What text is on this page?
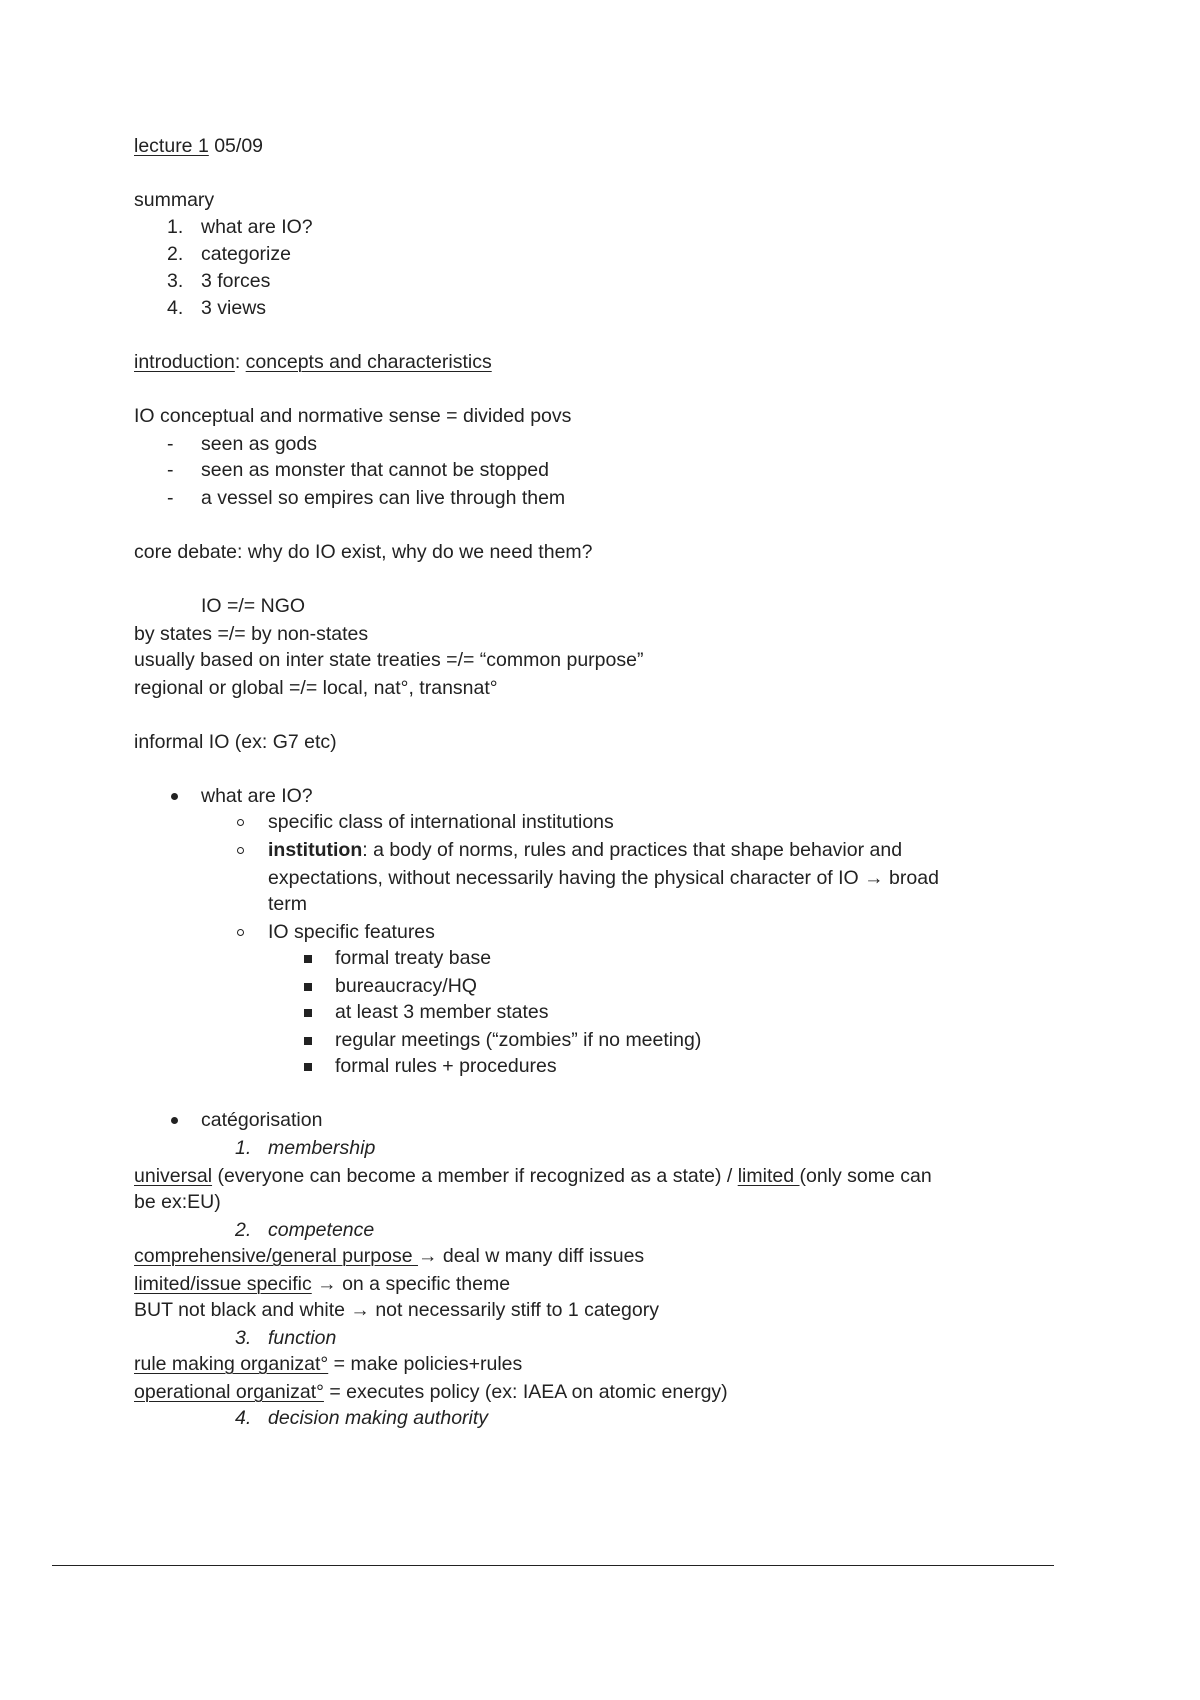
lecture 1 05/09
summary
1. what are IO?
2. categorize
3. 3 forces
4. 3 views
introduction: concepts and characteristics
IO conceptual and normative sense = divided povs
- seen as gods
- seen as monster that cannot be stopped
- a vessel so empires can live through them
core debate: why do IO exist, why do we need them?
IO =/= NGO
by states =/= by non-states
usually based on inter state treaties =/= “common purpose”
regional or global =/= local, nat°, transnat°
informal IO (ex: G7 etc)
what are IO?
specific class of international institutions
institution: a body of norms, rules and practices that shape behavior and
expectations, without necessarily having the physical character of IO → broad
term
IO specific features
formal treaty base
bureaucracy/HQ
at least 3 member states
regular meetings (“zombies” if no meeting)
formal rules + procedures
catégorisation
1. membership
universal (everyone can become a member if recognized as a state) / limited (only some can
be ex:EU)
2. competence
comprehensive/general purpose → deal w many diff issues
limited/issue specific → on a specific theme
BUT not black and white → not necessarily stiff to 1 category
3. function
rule making organizat° = make policies+rules
operational organizat° = executes policy (ex: IAEA on atomic energy)
4. decision making authority
